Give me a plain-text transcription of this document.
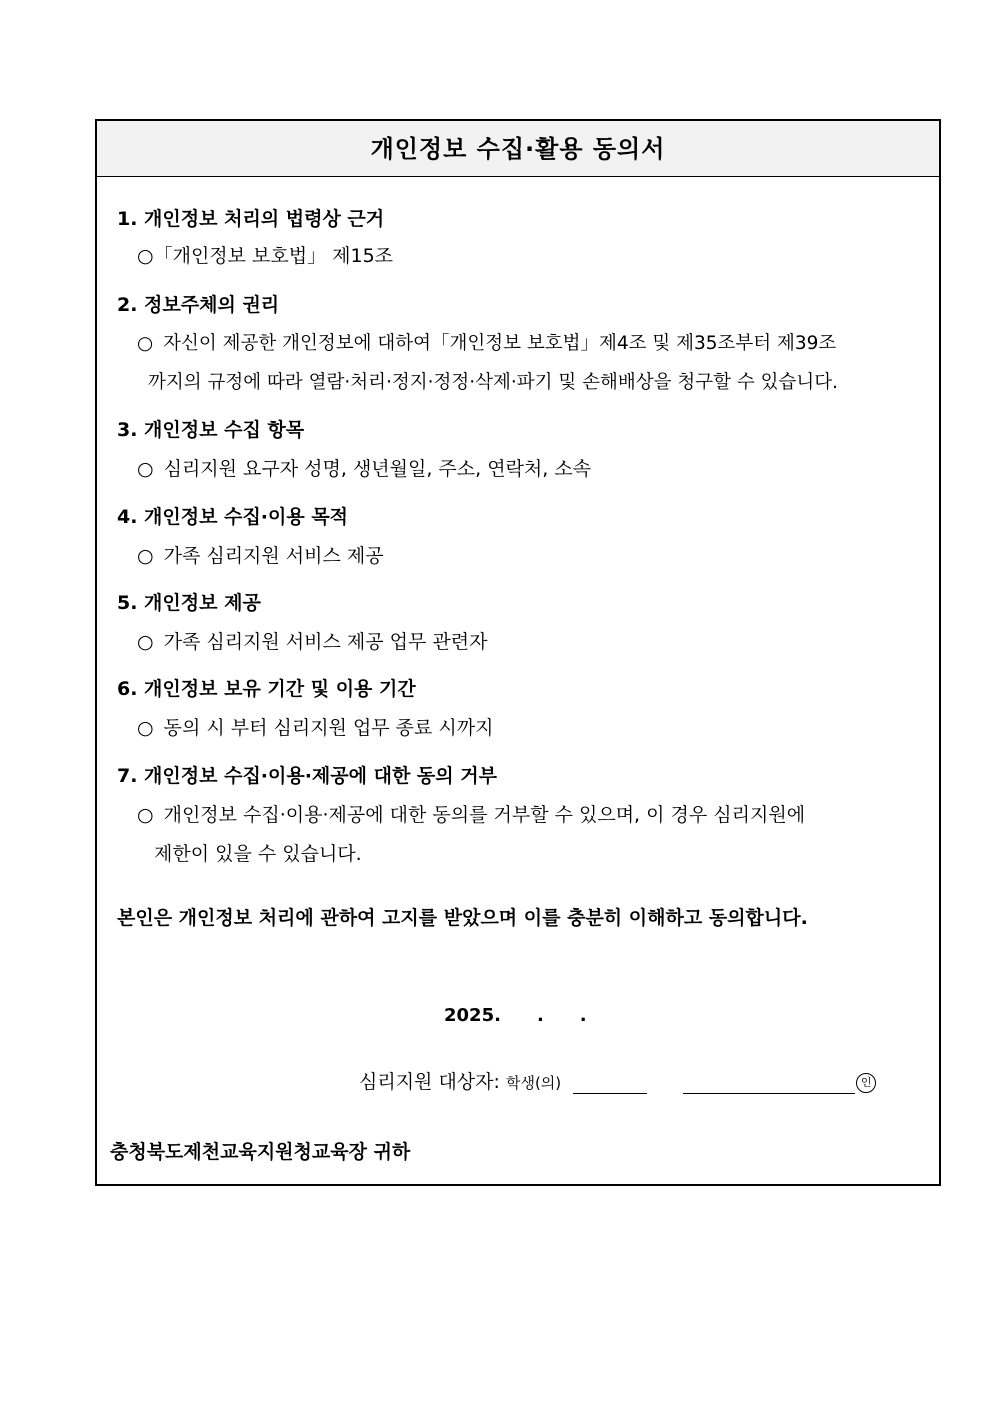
개인정보 수집·활용 동의서
1. 개인정보 처리의 법령상 근거
○「개인정보 보호법」 제15조
2. 정보주체의 권리
○ 자신이 제공한 개인정보에 대하여「개인정보 보호법」제4조 및 제35조부터 제39조
까지의 규정에 따라 열람·처리·정지·정정·삭제·파기 및 손해배상을 청구할 수 있습니다.
3. 개인정보 수집 항목
○ 심리지원 요구자 성명, 생년월일, 주소, 연락처, 소속
4. 개인정보 수집·이용 목적
○ 가족 심리지원 서비스 제공
5. 개인정보 제공
○ 가족 심리지원 서비스 제공 업무 관련자
6. 개인정보 보유 기간 및 이용 기간
○ 동의 시 부터 심리지원 업무 종료 시까지
7. 개인정보 수집·이용·제공에 대한 동의 거부
○ 개인정보 수집·이용·제공에 대한 동의를 거부할 수 있으며, 이 경우 심리지원에
제한이 있을 수 있습니다.
본인은 개인정보 처리에 관하여 고지를 받았으며 이를 충분히 이해하고 동의합니다.
2025. . .
심리지원 대상자: 학생(의)	인
충청북도제천교육지원청교육장 귀하
